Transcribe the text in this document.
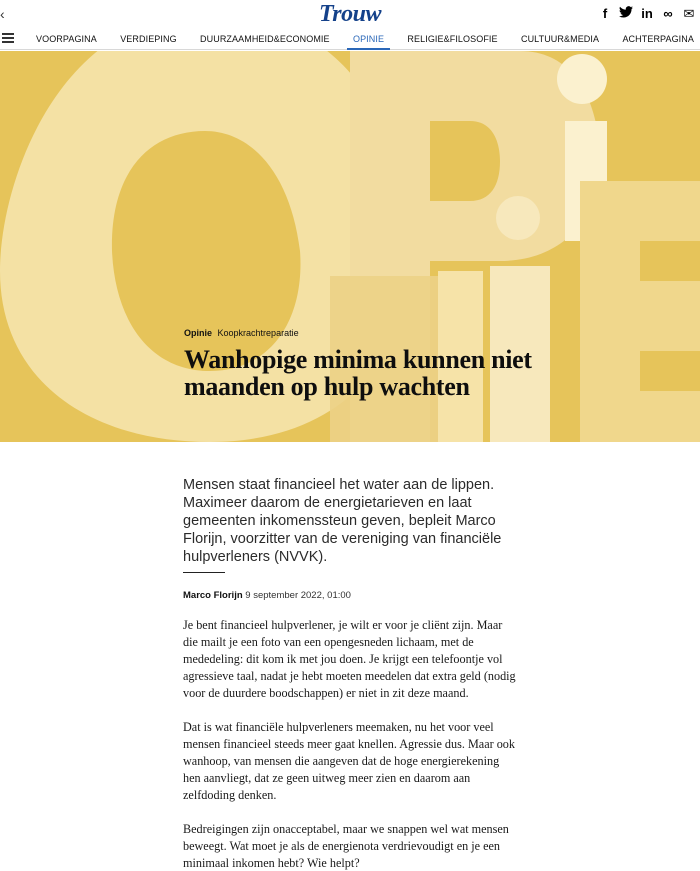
‹	Trouw	f	in ∞ ✉
VOORPAGINA	VERDIEPING	DUURZAAMHEID&ECONOMIE	OPINIE	RELIGIE&FILOSOFIE	CULTUUR&MEDIA	ACHTERPAGINA
Opinie Koopkrachtreparatie
Wanhopige minima kunnen niet maanden op hulp wachten

Mensen staat financieel het water aan de lippen. Maximeer daarom de energietarieven en laat gemeenten inkomenssteun geven, bepleit Marco Florijn, voorzitter van de vereniging van financiële hulpverleners (NVVK).

Marco Florijn 9 september 2022, 01:00

Je bent financieel hulpverlener, je wilt er voor je cliënt zijn. Maar die mailt je een foto van een opengesneden lichaam, met de mededeling: dit kom ik met jou doen. Je krijgt een telefoontje vol agressieve taal, nadat je hebt moeten meedelen dat extra geld (nodig voor de duurdere boodschappen) er niet in zit deze maand.

Dat is wat financiële hulpverleners meemaken, nu het voor veel mensen financieel steeds meer gaat knellen. Agressie dus. Maar ook wanhoop, van mensen die aangeven dat de hoge energierekening hen aanvliegt, dat ze geen uitweg meer zien en daarom aan zelfdoding denken.

Bedreigingen zijn onacceptabel, maar we snappen wel wat mensen beweegt. Wat moet je als de energienota verdrievoudigt en je een minimaal inkomen hebt? Wie helpt?
